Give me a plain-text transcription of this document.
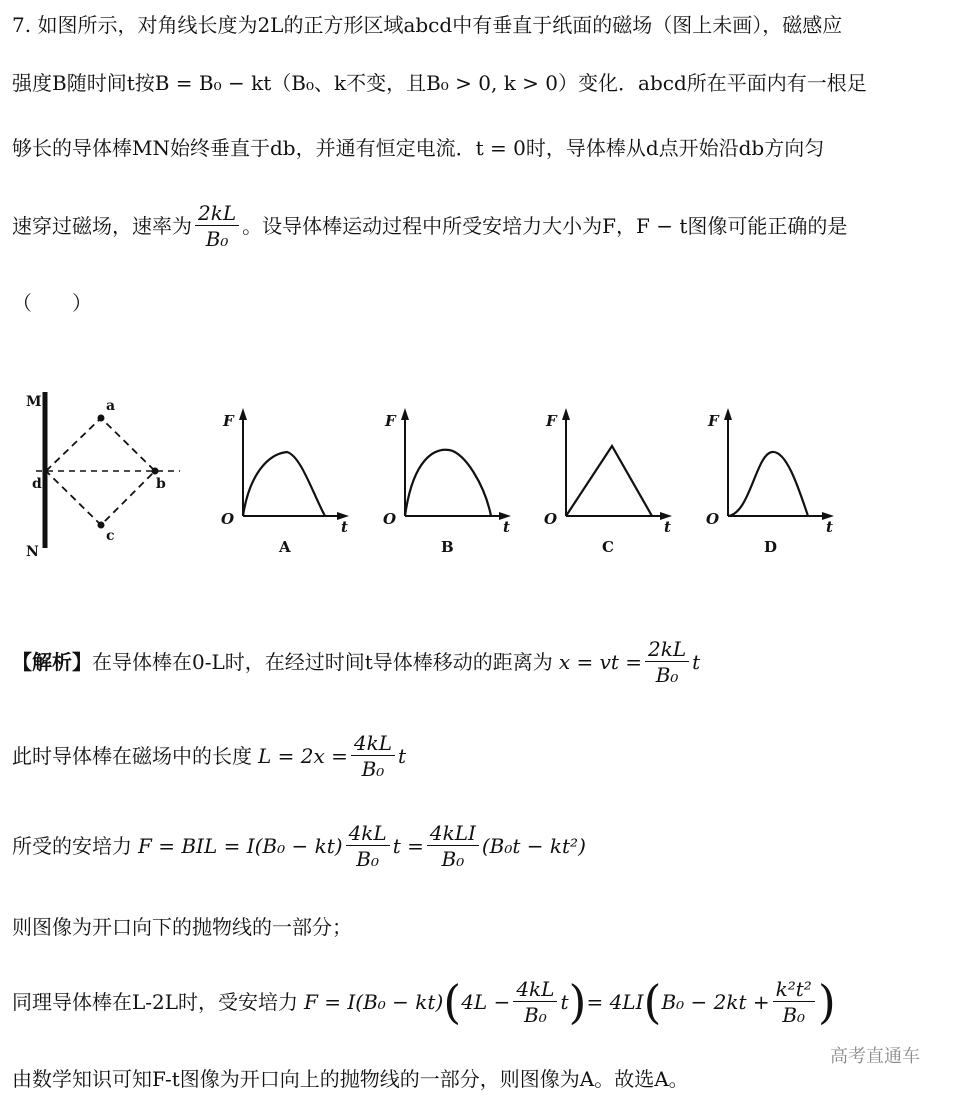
7. 如图所示，对角线长度为2L的正方形区域abcd中有垂直于纸面的磁场（图上未画），磁感应
强度B随时间t按B = B₀ − kt（B₀、k不变，且B₀ > 0, k > 0）变化．abcd所在平面内有一根足
够长的导体棒MN始终垂直于db，并通有恒定电流．t = 0时，导体棒从d点开始沿db方向匀
速穿过磁场，速率为 $\frac{2kL}{\text{B₀}}$ 。设导体棒运动过程中所受安培力大小为F，F − t图像可能正确的是
（　　）
M
N
a
b
c
d
F
t
O
A
F
t
O
B
F
t
O
C
F
t
O
D
【解析】 在导体棒在0-L时，在经过时间t导体棒移动的距离为 x = vt = $\frac{2kL}{\text{B₀}}$ t
此时导体棒在磁场中的长度 $L = 2x = \frac{4kL}{\text{B₀}}$ t
所受的安培力 F = BIL = $I(B_0 - kt) \frac{4kL}{\text{B₀}}$ $t = \frac{\text{4kLI}}{\text{B₀}} (B_0t - kt^2)$
则图像为开口向下的抛物线的一部分；
同理导体棒在L-2L时，受安培力 F = I(B₀ − kt) ( $4L - \frac{4kL}{\text{B₀}}$ t ) = 4LI ( $B_0 - 2kt + \frac{\text{k²t²}}{\text{B₀}}$ )
由数学知识可知F-t图像为开口向上的抛物线的一部分，则图像为A。故选A。
高考直通车
